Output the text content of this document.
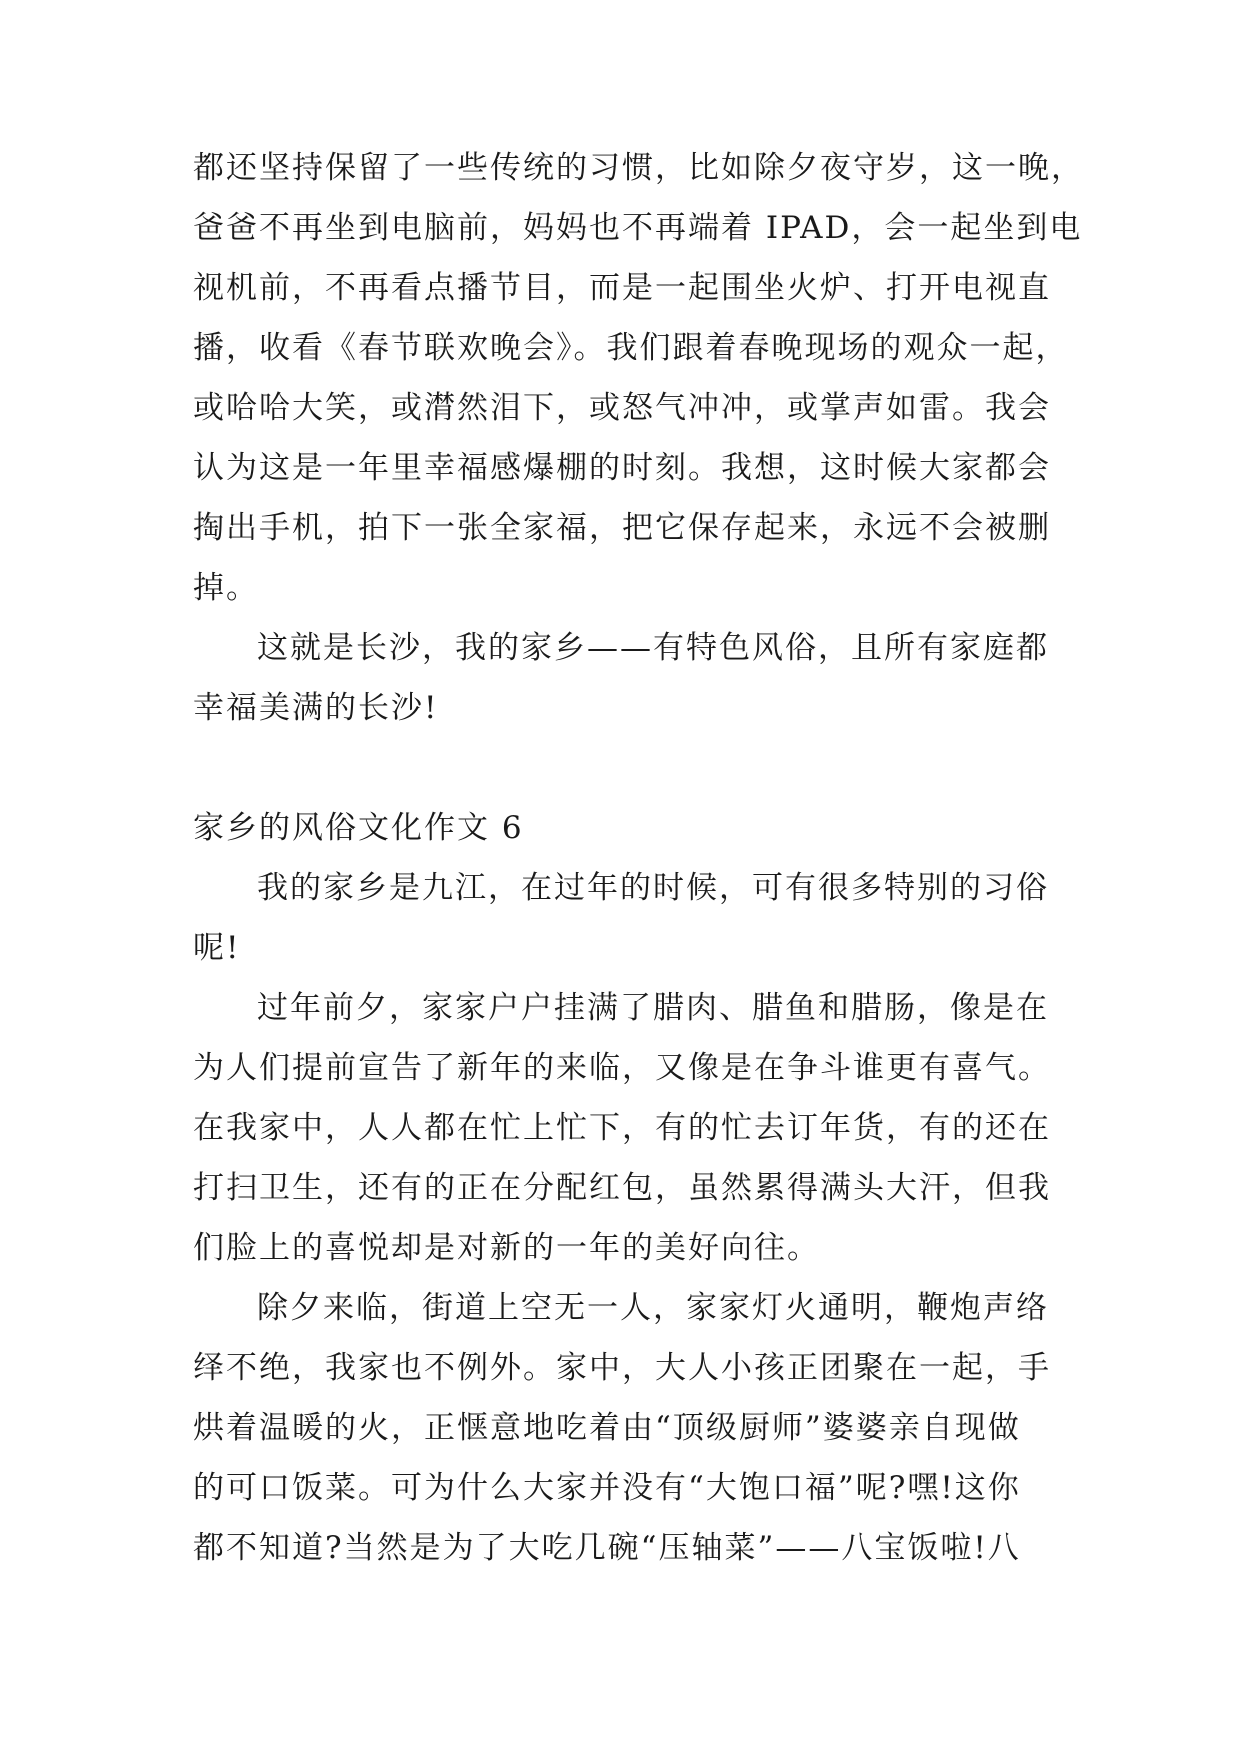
都还坚持保留了一些传统的习惯，比如除夕夜守岁，这一晚，
爸爸不再坐到电脑前，妈妈也不再端着 IPAD，会一起坐到电
视机前，不再看点播节目，而是一起围坐火炉、打开电视直
播，收看《春节联欢晚会》。我们跟着春晚现场的观众一起，
或哈哈大笑，或潸然泪下，或怒气冲冲，或掌声如雷。我会
认为这是一年里幸福感爆棚的时刻。我想，这时候大家都会
掏出手机，拍下一张全家福，把它保存起来，永远不会被删
掉。
这就是长沙，我的家乡——有特色风俗，且所有家庭都
幸福美满的长沙!
家乡的风俗文化作文 6
我的家乡是九江，在过年的时候，可有很多特别的习俗
呢!
过年前夕，家家户户挂满了腊肉、腊鱼和腊肠，像是在
为人们提前宣告了新年的来临，又像是在争斗谁更有喜气。
在我家中，人人都在忙上忙下，有的忙去订年货，有的还在
打扫卫生，还有的正在分配红包，虽然累得满头大汗，但我
们脸上的喜悦却是对新的一年的美好向往。
除夕来临，街道上空无一人，家家灯火通明，鞭炮声络
绎不绝，我家也不例外。家中，大人小孩正团聚在一起，手
烘着温暖的火，正惬意地吃着由“顶级厨师”婆婆亲自现做
的可口饭菜。可为什么大家并没有“大饱口福”呢?嘿!这你
都不知道?当然是为了大吃几碗“压轴菜”——八宝饭啦!八
